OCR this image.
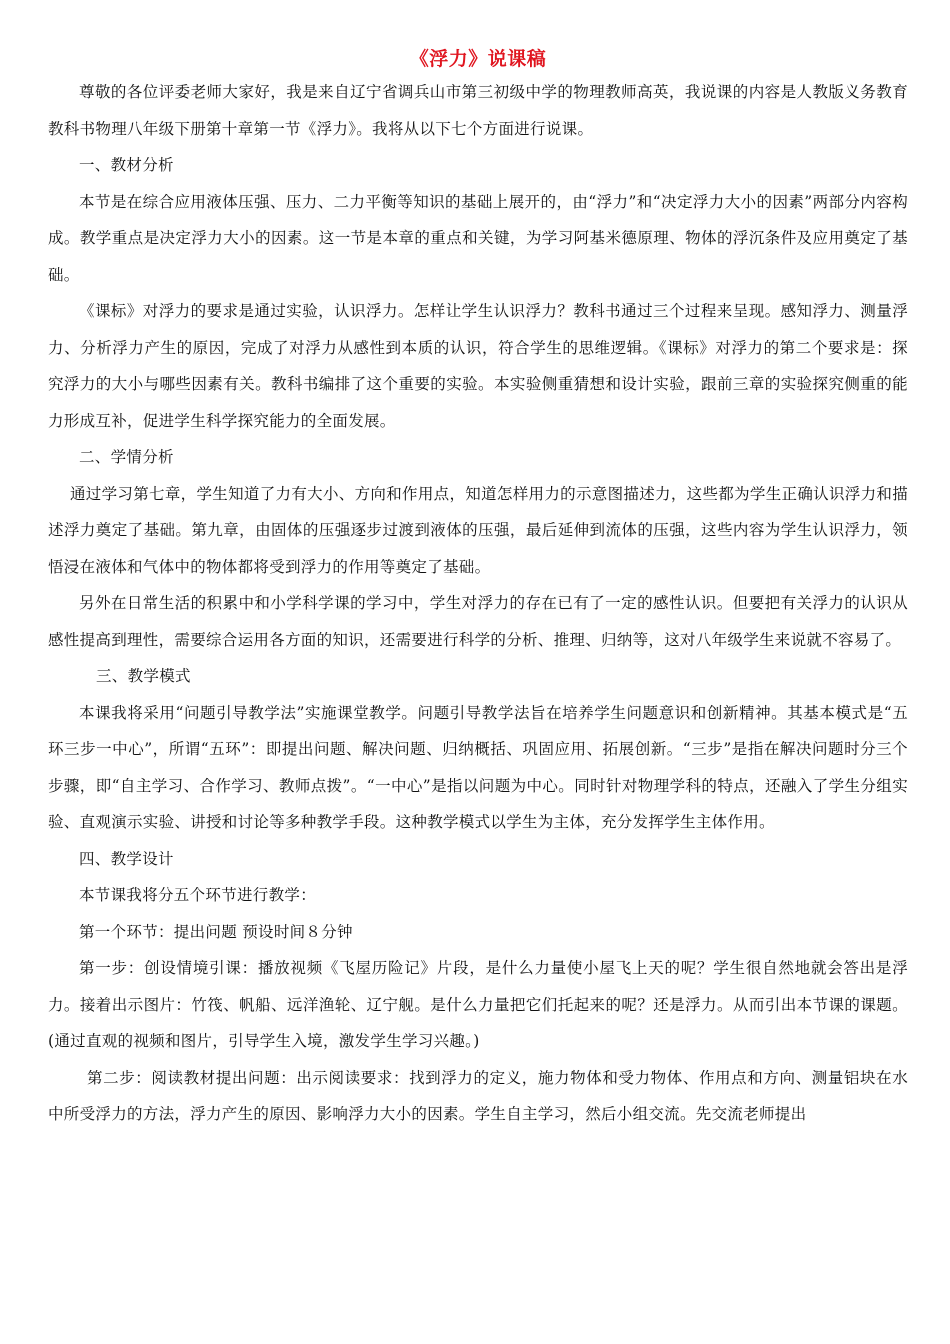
《浮力》说课稿

尊敬的各位评委老师大家好，我是来自辽宁省调兵山市第三初级中学的物理教师高英，我说课的内容是人教版义务教育教科书物理八年级下册第十章第一节《浮力》。我将从以下七个方面进行说课。

一、教材分析

本节是在综合应用液体压强、压力、二力平衡等知识的基础上展开的，由“浮力”和“决定浮力大小的因素”两部分内容构成。教学重点是决定浮力大小的因素。这一节是本章的重点和关键，为学习阿基米德原理、物体的浮沉条件及应用奠定了基础。

《课标》对浮力的要求是通过实验，认识浮力。怎样让学生认识浮力？教科书通过三个过程来呈现。感知浮力、测量浮力、分析浮力产生的原因，完成了对浮力从感性到本质的认识，符合学生的思维逻辑。《课标》对浮力的第二个要求是：探究浮力的大小与哪些因素有关。教科书编排了这个重要的实验。本实验侧重猜想和设计实验，跟前三章的实验探究侧重的能力形成互补，促进学生科学探究能力的全面发展。

二、学情分析

通过学习第七章，学生知道了力有大小、方向和作用点，知道怎样用力的示意图描述力，这些都为学生正确认识浮力和描述浮力奠定了基础。第九章，由固体的压强逐步过渡到液体的压强，最后延伸到流体的压强，这些内容为学生认识浮力，领悟浸在液体和气体中的物体都将受到浮力的作用等奠定了基础。

另外在日常生活的积累中和小学科学课的学习中，学生对浮力的存在已有了一定的感性认识。但要把有关浮力的认识从感性提高到理性，需要综合运用各方面的知识，还需要进行科学的分析、推理、归纳等，这对八年级学生来说就不容易了。

三、教学模式

本课我将采用“问题引导教学法”实施课堂教学。问题引导教学法旨在培养学生问题意识和创新精神。其基本模式是“五环三步一中心”，所谓“五环”：即提出问题、解决问题、归纳概括、巩固应用、拓展创新。“三步”是指在解决问题时分三个步骤，即“自主学习、合作学习、教师点拨”。“一中心”是指以问题为中心。同时针对物理学科的特点，还融入了学生分组实验、直观演示实验、讲授和讨论等多种教学手段。这种教学模式以学生为主体，充分发挥学生主体作用。

四、教学设计

本节课我将分五个环节进行教学：

第一个环节：提出问题 预设时间８分钟

第一步：创设情境引课：播放视频《飞屋历险记》片段，是什么力量使小屋飞上天的呢？学生很自然地就会答出是浮力。接着出示图片：竹筏、帆船、远洋渔轮、辽宁舰。是什么力量把它们托起来的呢？还是浮力。从而引出本节课的课题。(通过直观的视频和图片，引导学生入境，激发学生学习兴趣。)

第二步：阅读教材提出问题：出示阅读要求：找到浮力的定义，施力物体和受力物体、作用点和方向、测量铝块在水中所受浮力的方法，浮力产生的原因、影响浮力大小的因素。学生自主学习，然后小组交流。先交流老师提出
